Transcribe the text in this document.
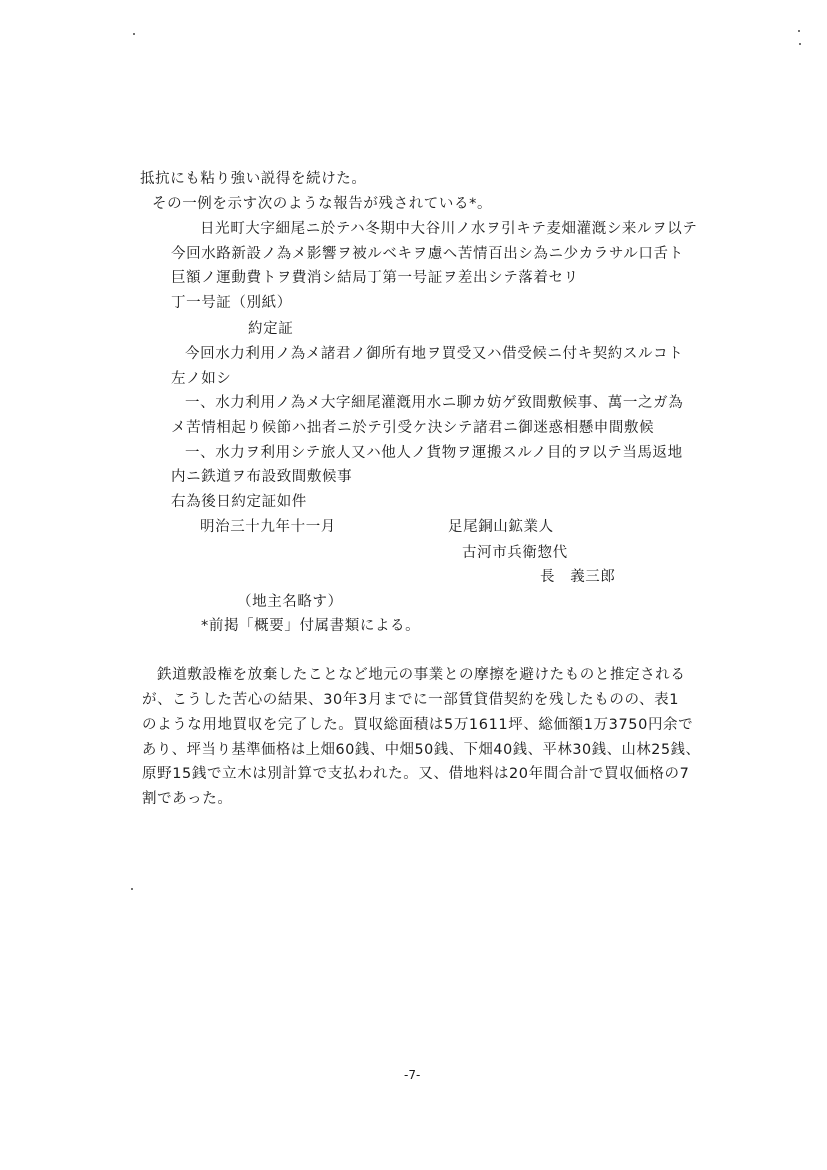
抵抗にも粘り強い説得を続けた。
その一例を示す次のような報告が残されている*。
日光町大字細尾ニ於テハ冬期中大谷川ノ水ヲ引キテ麦畑灌漑シ来ルヲ以テ
今回水路新設ノ為メ影響ヲ被ルベキヲ慮ヘ苦情百出シ為ニ少カラサル口舌ト
巨額ノ運動費トヲ費消シ結局丁第一号証ヲ差出シテ落着セリ
丁一号証（別紙）
約定証
今回水力利用ノ為メ諸君ノ御所有地ヲ買受又ハ借受候ニ付キ契約スルコト
左ノ如シ
一、水力利用ノ為メ大字細尾灌漑用水ニ聊カ妨ゲ致間敷候事、萬一之ガ為
メ苦情相起り候節ハ拙者ニ於テ引受ケ決シテ諸君ニ御迷惑相懸申間敷候
一、水力ヲ利用シテ旅人又ハ他人ノ貨物ヲ運搬スルノ目的ヲ以テ当馬返地
内ニ鉄道ヲ布設致間敷候事
右為後日約定証如件
明治三十九年十一月	足尾銅山鉱業人
古河市兵衛惣代
長　義三郎
（地主名略す）
*前掲「概要」付属書類による。
鉄道敷設権を放棄したことなど地元の事業との摩擦を避けたものと推定される
が、こうした苦心の結果、30年3月までに一部賃貸借契約を残したものの、表1
のような用地買収を完了した。買収総面積は5万1611坪、総価額1万3750円余で
あり、坪当り基準価格は上畑60銭、中畑50銭、下畑40銭、平林30銭、山林25銭、
原野15銭で立木は別計算で支払われた。又、借地料は20年間合計で買収価格の7
割であった。
-7-
